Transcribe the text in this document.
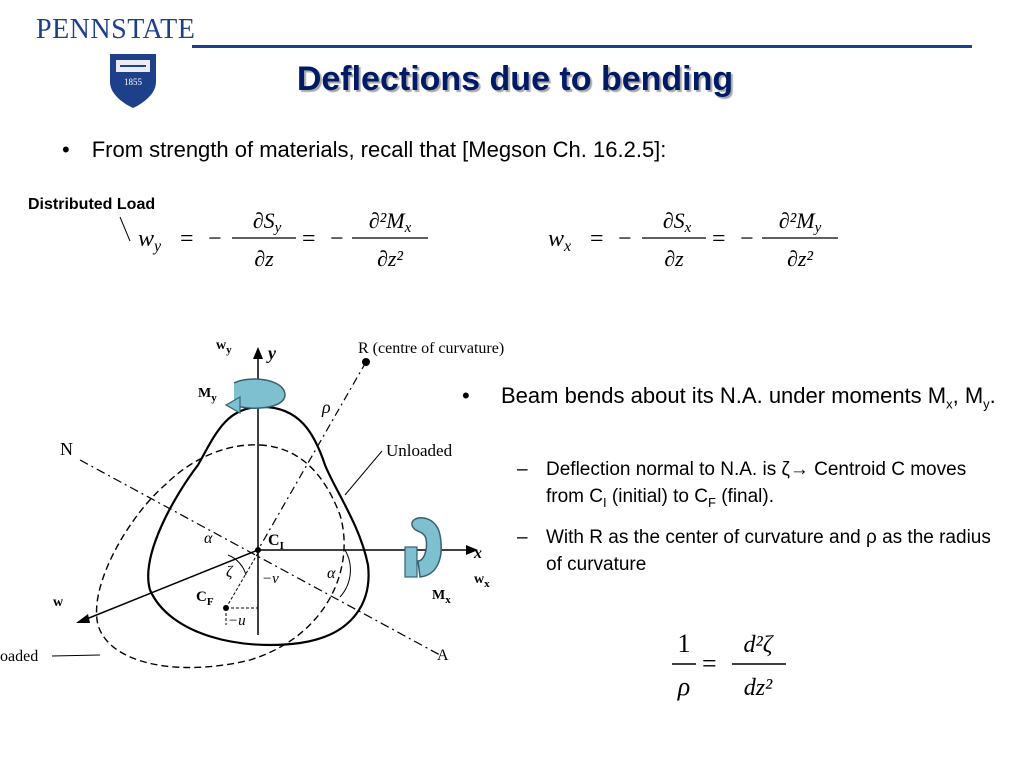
PENNSTATE
1855	Deflections due to bending
• From strength of materials, recall that [Megson Ch. 16.2.5]:
Distributed Load
$w_y$ = −
∂Sy
∂z
= −
∂²Mx
∂z²
$w_x$ = −
∂Sx
∂z
= −
∂²My
∂z²
y
x
R (centre of curvature)
ρ
N
A
Unloaded
oaded
$C_I$
$C_F$
−v
−u
ζ
α
α
w
$w_y$
$M_y$
$M_x$
$w_x$
• Beam bends about its N.A. under moments $M_x$, $M_y$.
– Deflection normal to N.A. is ζ→ Centroid C moves from $C_I$ (initial) to $C_F$ (final).
– With R as the center of curvature and ρ as the radius of curvature
1
ρ
=
d²ζ
dz²
